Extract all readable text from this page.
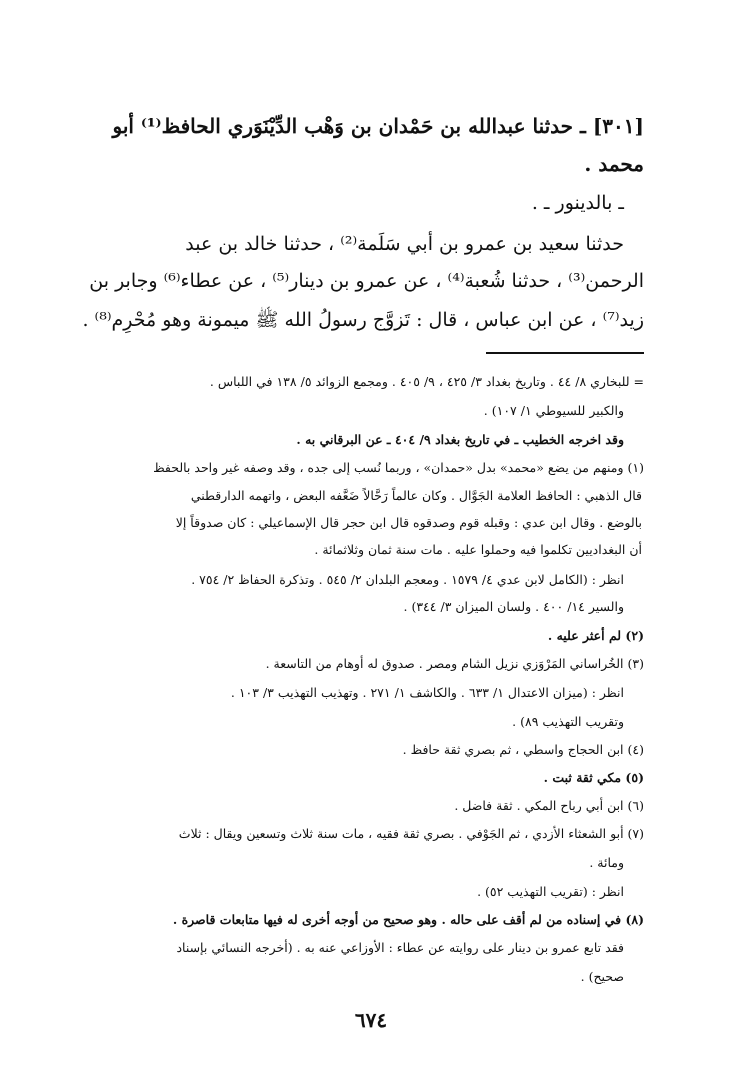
[٣٠١] ـ حدثنا عبدالله بن حَمْدان بن وَهْب الدِّيْنَوَري الحافظ⁽¹⁾ أبو
محمد .
ـ بالدينور ـ .
حدثنا سعيد بن عمرو بن أبي سَلَمة⁽²⁾ ، حدثنا خالد بن عبد
الرحمن⁽³⁾ ، حدثنا شُعبة⁽⁴⁾ ، عن عمرو بن دينار⁽⁵⁾ ، عن عطاء⁽⁶⁾ وجابر بن
زيد⁽⁷⁾ ، عن ابن عباس ، قال : تَزوَّج رسولُ الله ﷺ ميمونة وهو مُحْرِم⁽⁸⁾ .
= للبخاري ٨/ ٤٤ . وتاريخ بغداد ٣/ ٤٢٥ ، ٩/ ٤٠٥ . ومجمع الزوائد ٥/ ١٣٨ في اللباس .
والكبير للسيوطي ١/ ١٠٧) .
وقد اخرجه الخطيب ـ في تاريخ بغداد ٩/ ٤٠٤ ـ عن البرقاني به .
(١) ومنهم من يضع «محمد» بدل «حمدان» ، وربما نُسب إلى جده ، وقد وصفه غير واحد بالحفظ
قال الذهبي : الحافظ العلامة الجَوَّال . وكان عالماً رَحَّالاً ضَعَّفه البعض ، واتهمه الدارقطني
بالوضع . وقال ابن عدي : وقبله قوم وصدقوه قال ابن حجر قال الإسماعيلي : كان صدوقاً إلا
أن البغداديين تكلموا فيه وحملوا عليه . مات سنة ثمان وثلاثمائة .
انظر : (الكامل لابن عدي ٤/ ١٥٧٩ . ومعجم البلدان ٢/ ٥٤٥ . وتذكرة الحفاظ ٢/ ٧٥٤ .
والسير ١٤/ ٤٠٠ . ولسان الميزان ٣/ ٣٤٤) .
(٢) لم أعثر عليه .
(٣) الخُراساني المَرْوَزي نزيل الشام ومصر . صدوق له أوهام من التاسعة .
انظر : (ميزان الاعتدال ١/ ٦٣٣ . والكاشف ١/ ٢٧١ . وتهذيب التهذيب ٣/ ١٠٣ .
وتقريب التهذيب ٨٩) .
(٤) ابن الحجاج واسطي ، ثم بصري ثقة حافظ .
(٥) مكي ثقة ثبت .
(٦) ابن أبي رباح المكي . ثقة فاضل .
(٧) أبو الشعثاء الأزدي ، ثم الجَوْفي . بصري ثقة فقيه ، مات سنة ثلاث وتسعين ويقال : ثلاث
ومائة .
انظر : (تقريب التهذيب ٥٢) .
(٨) في إسناده من لم أقف على حاله . وهو صحيح من أوجه أخرى له فيها متابعات قاصرة .
فقد تابع عمرو بن دينار على روايته عن عطاء : الأوزاعي عنه به . (أخرجه النسائي بإسناد
صحيح) .
٦٧٤
